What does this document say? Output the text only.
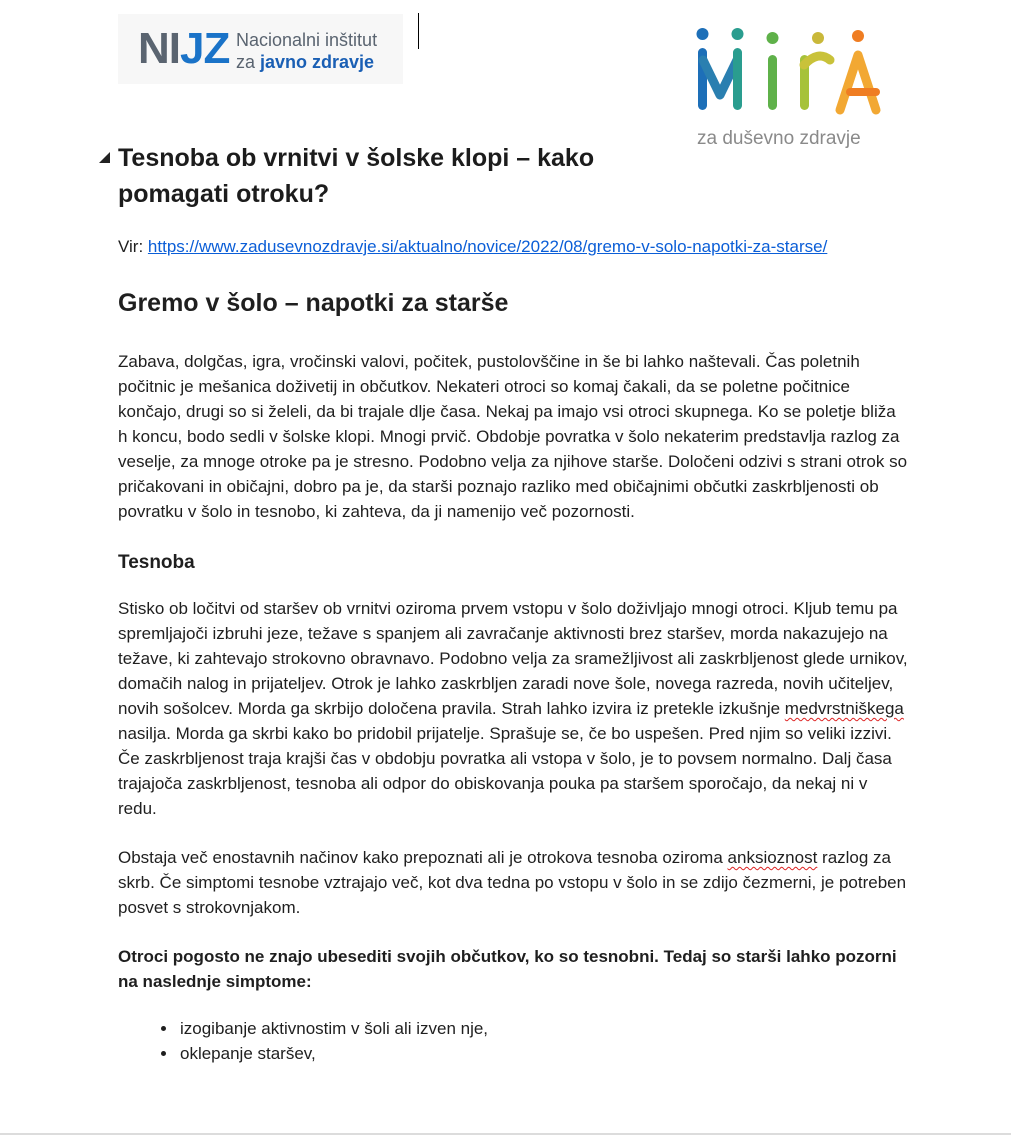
NIJZ Nacionalni inštitut
za javno zdravje
za duševno zdravje
Tesnoba ob vrnitvi v šolske klopi – kako pomagati otroku?
Vir: https://www.zadusevnozdravje.si/aktualno/novice/2022/08/gremo-v-solo-napotki-za-starse/
Gremo v šolo – napotki za starše
Zabava, dolgčas, igra, vročinski valovi, počitek, pustolovščine in še bi lahko naštevali. Čas poletnih počitnic je mešanica doživetij in občutkov. Nekateri otroci so komaj čakali, da se poletne počitnice končajo, drugi so si želeli, da bi trajale dlje časa. Nekaj pa imajo vsi otroci skupnega. Ko se poletje bliža h koncu, bodo sedli v šolske klopi. Mnogi prvič. Obdobje povratka v šolo nekaterim predstavlja razlog za veselje, za mnoge otroke pa je stresno. Podobno velja za njihove starše. Določeni odzivi s strani otrok so pričakovani in običajni, dobro pa je, da starši poznajo razliko med običajnimi občutki zaskrbljenosti ob povratku v šolo in tesnobo, ki zahteva, da ji namenijo več pozornosti.
Tesnoba
Stisko ob ločitvi od staršev ob vrnitvi oziroma prvem vstopu v šolo doživljajo mnogi otroci. Kljub temu pa spremljajoči izbruhi jeze, težave s spanjem ali zavračanje aktivnosti brez staršev, morda nakazujejo na težave, ki zahtevajo strokovno obravnavo. Podobno velja za sramežljivost ali zaskrbljenost glede urnikov, domačih nalog in prijateljev. Otrok je lahko zaskrbljen zaradi nove šole, novega razreda, novih učiteljev, novih sošolcev. Morda ga skrbijo določena pravila. Strah lahko izvira iz pretekle izkušnje medvrstniškega nasilja. Morda ga skrbi kako bo pridobil prijatelje. Sprašuje se, če bo uspešen. Pred njim so veliki izzivi. Če zaskrbljenost traja krajši čas v obdobju povratka ali vstopa v šolo, je to povsem normalno. Dalj časa trajajoča zaskrbljenost, tesnoba ali odpor do obiskovanja pouka pa staršem sporočajo, da nekaj ni v redu.
Obstaja več enostavnih načinov kako prepoznati ali je otrokova tesnoba oziroma anksioznost razlog za skrb. Če simptomi tesnobe vztrajajo več, kot dva tedna po vstopu v šolo in se zdijo čezmerni, je potreben posvet s strokovnjakom.
Otroci pogosto ne znajo ubesediti svojih občutkov, ko so tesnobni. Tedaj so starši lahko pozorni na naslednje simptome:
• izogibanje aktivnostim v šoli ali izven nje,
• oklepanje staršev,
